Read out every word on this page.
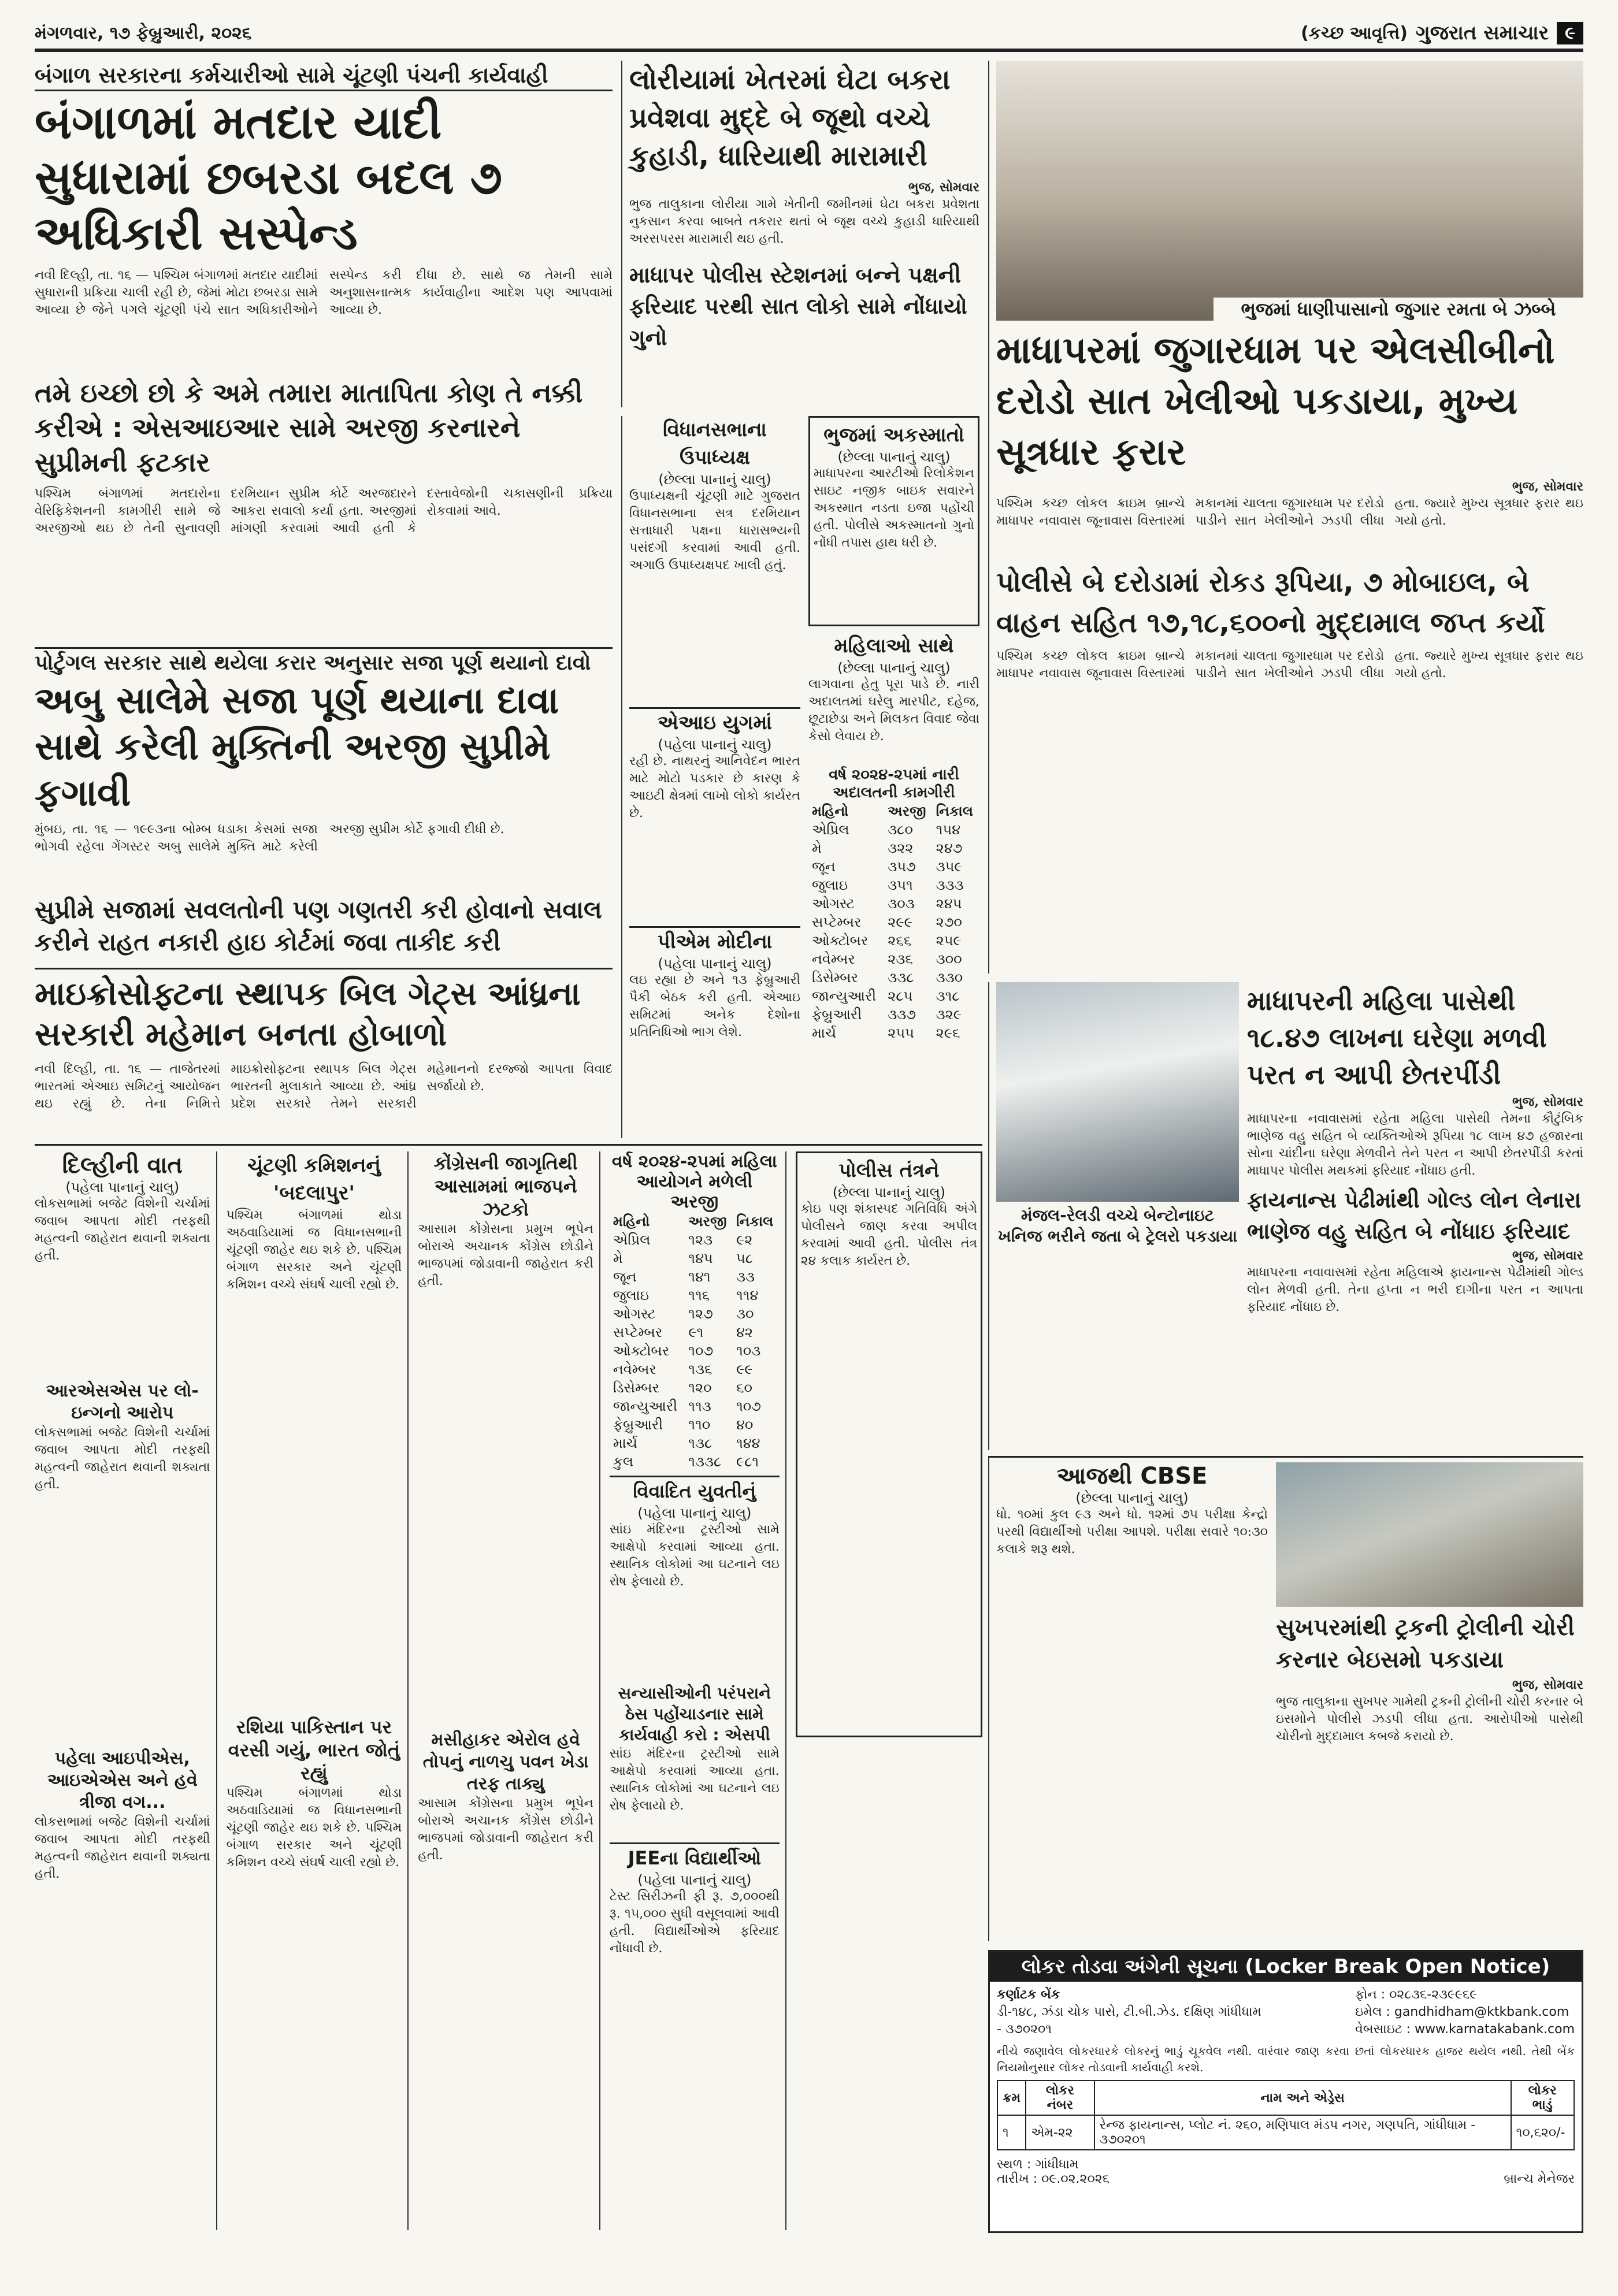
મંગળવાર, ૧૭ ફેબ્રુઆરી, ૨૦૨૬	(કચ્છ આવૃત્તિ) ગુજરાત સમાચાર ૯
બંગાળ સરકારના કર્મચારીઓ સામે ચૂંટણી પંચની કાર્યવાહી
બંગાળમાં મતદાર યાદી સુધારામાં છબરડા બદલ ૭ અધિકારી સસ્પેન્ડ
નવી દિલ્હી, તા. ૧૬ — પશ્ચિમ બંગાળમાં મતદાર યાદીમાં સુધારાની પ્રક્રિયા ચાલી રહી છે, જેમાં મોટા છબરડા સામે આવ્યા છે જેને પગલે ચૂંટણી પંચે સાત અધિકારીઓને સસ્પેન્ડ કરી દીધા છે. સાથે જ તેમની સામે અનુશાસનાત્મક કાર્યવાહીના આદેશ પણ આપવામાં આવ્યા છે.
તમે ઇચ્છો છો કે અમે તમારા માતાપિતા કોણ તે નક્કી કરીએ : એસઆઇઆર સામે અરજી કરનારને સુપ્રીમની ફટકાર
પશ્ચિમ બંગાળમાં મતદારોના વેરિફિકેશનની કામગીરી સામે જે અરજીઓ થઇ છે તેની સુનાવણી દરમિયાન સુપ્રીમ કોર્ટે અરજદારને આકરા સવાલો કર્યા હતા. અરજીમાં માંગણી કરવામાં આવી હતી કે દસ્તાવેજોની ચકાસણીની પ્રક્રિયા રોકવામાં આવે.
પોર્ટુગલ સરકાર સાથે થયેલા કરાર અનુસાર સજા પૂર્ણ થયાનો દાવો
અબુ સાલેમે સજા પૂર્ણ થયાના દાવા સાથે કરેલી મુક્તિની અરજી સુપ્રીમે ફગાવી
મુંબઇ, તા. ૧૬ — ૧૯૯૩ના બોમ્બ ધડાકા કેસમાં સજા ભોગવી રહેલા ગેંગસ્ટર અબુ સાલેમે મુક્તિ માટે કરેલી અરજી સુપ્રીમ કોર્ટે ફગાવી દીધી છે.
સુપ્રીમે સજામાં સવલતોની પણ ગણતરી કરી હોવાનો સવાલ કરીને રાહત નકારી હાઇ કોર્ટમાં જવા તાકીદ કરી
માઇક્રોસોફ્ટના સ્થાપક બિલ ગેટ્સ આંધ્રના સરકારી મહેમાન બનતા હોબાળો
નવી દિલ્હી, તા. ૧૬ — તાજેતરમાં ભારતમાં એઆઇ સમિટનું આયોજન થઇ રહ્યું છે. તેના નિમિત્તે માઇક્રોસોફ્ટના સ્થાપક બિલ ગેટ્સ ભારતની મુલાકાતે આવ્યા છે. આંધ્ર પ્રદેશ સરકારે તેમને સરકારી મહેમાનનો દરજ્જો આપતા વિવાદ સર્જાયો છે.
લોરીયામાં ખેતરમાં ઘેટા બકરા પ્રવેશવા મુદ્દે બે જૂથો વચ્ચે કુહાડી, ધારિયાથી મારામારી
ભુજ, સોમવાર
ભુજ તાલુકાના લોરીયા ગામે ખેતીની જમીનમાં ઘેટા બકરા પ્રવેશતા નુકસાન કરવા બાબતે તકરાર થતાં બે જૂથ વચ્ચે કુહાડી ધારિયાથી અરસપરસ મારામારી થઇ હતી.
માધાપર પોલીસ સ્ટેશનમાં બન્ને પક્ષની ફરિયાદ પરથી સાત લોકો સામે નોંધાયો ગુનો
વિધાનસભાના ઉપાધ્યક્ષ
(છેલ્લા પાનાનું ચાલુ)
ઉપાધ્યક્ષની ચૂંટણી માટે ગુજરાત વિધાનસભાના સત્ર દરમિયાન સત્તાધારી પક્ષના ધારાસભ્યની પસંદગી કરવામાં આવી હતી. અગાઉ ઉપાધ્યક્ષપદ ખાલી હતું.
એઆઇ યુગમાં
(પહેલા પાનાનું ચાલુ)
રહી છે. નાથરનું આનિવેદન ભારત માટે મોટો પડકાર છે કારણ કે આઇટી ક્ષેત્રમાં લાખો લોકો કાર્યરત છે.
પીએમ મોદીના
(પહેલા પાનાનું ચાલુ)
લઇ રહ્યા છે અને ૧૩ ફેબ્રુઆરી પૈકી બેઠક કરી હતી. એઆઇ સમિટમાં અનેક દેશોના પ્રતિનિધિઓ ભાગ લેશે.
ભુજમાં અકસ્માતો
(છેલ્લા પાનાનું ચાલુ)
માધાપરના આરટીઓ રિલોકેશન સાઇટ નજીક બાઇક સવારને અકસ્માત નડતા ઇજા પહોંચી હતી. પોલીસે અકસ્માતનો ગુનો નોંધી તપાસ હાથ ધરી છે.
મહિલાઓ સાથે
(છેલ્લા પાનાનું ચાલુ)
લાગવાના હેતુ પૂરા પાડે છે. નારી અદાલતમાં ઘરેલુ મારપીટ, દહેજ, છૂટાછેડા અને મિલકત વિવાદ જેવા કેસો લેવાય છે.
વર્ષ ૨૦૨૪-૨૫માં નારી અદાલતની કામગીરી
મહિનો	અરજી	નિકાલ
એપ્રિલ	૩૮૦	૧૫૪
મે	૩૨૨	૨૪૭
જૂન	૩૫૭	૩૫૯
જુલાઇ	૩૫૧	૩૩૩
ઓગસ્ટ	૩૦૩	૨૪૫
સપ્ટેમ્બર	૨૯૯	૨૭૦
ઓક્ટોબર	૨૬૬	૨૫૯
નવેમ્બર	૨૩૬	૩૦૦
ડિસેમ્બર	૩૩૮	૩૩૦
જાન્યુઆરી	૨૮૫	૩૧૮
ફેબ્રુઆરી	૩૩૭	૩૨૯
માર્ચ	૨૫૫	૨૯૬
ભુજમાં ધાણીપાસાનો જુગાર રમતા બે ઝબ્બે
માધાપરમાં જુગારધામ પર એલસીબીનો દરોડો સાત ખેલીઓ પકડાયા, મુખ્ય સૂત્રધાર ફરાર
ભુજ, સોમવાર
પશ્ચિમ કચ્છ લોકલ ક્રાઇમ બ્રાન્ચે માધાપર નવાવાસ જૂનાવાસ વિસ્તારમાં મકાનમાં ચાલતા જુગારધામ પર દરોડો પાડીને સાત ખેલીઓને ઝડપી લીધા હતા. જ્યારે મુખ્ય સૂત્રધાર ફરાર થઇ ગયો હતો.
પોલીસે બે દરોડામાં રોકડ રૂપિયા, ૭ મોબાઇલ, બે વાહન સહિત ૧૭,૧૮,૬૦૦નો મુદ્દામાલ જપ્ત કર્યો
પશ્ચિમ કચ્છ લોકલ ક્રાઇમ બ્રાન્ચે માધાપર નવાવાસ જૂનાવાસ વિસ્તારમાં મકાનમાં ચાલતા જુગારધામ પર દરોડો પાડીને સાત ખેલીઓને ઝડપી લીધા હતા. જ્યારે મુખ્ય સૂત્રધાર ફરાર થઇ ગયો હતો.
મંજલ-રેલડી વચ્ચે બેન્ટોનાઇટ ખનિજ ભરીને જતા બે ટ્રેલરો પકડાયા
માધાપરની મહિલા પાસેથી ૧૮.૪૭ લાખના ઘરેણા મળવી પરત ન આપી છેતરપીંડી
ભુજ, સોમવાર
માધાપરના નવાવાસમાં રહેતા મહિલા પાસેથી તેમના કૌટુંબિક ભાણેજ વહુ સહિત બે વ્યક્તિઓએ રૂપિયા ૧૮ લાખ ૪૭ હજારના સોના ચાંદીના ઘરેણા મેળવીને તેને પરત ન આપી છેતરપીંડી કરતાં માધાપર પોલીસ મથકમાં ફરિયાદ નોંધાઇ હતી.
ફાયનાન્સ પેઢીમાંથી ગોલ્ડ લોન લેનારા ભાણેજ વહુ સહિત બે નોંધાઇ ફરિયાદ
ભુજ, સોમવાર
માધાપરના નવાવાસમાં રહેતા મહિલાએ ફાયનાન્સ પેઢીમાંથી ગોલ્ડ લોન મેળવી હતી. તેના હપ્તા ન ભરી દાગીના પરત ન આપતા ફરિયાદ નોંધાઇ છે.
દિલ્હીની વાત
(પહેલા પાનાનું ચાલુ)
લોકસભામાં બજેટ વિશેની ચર્ચામાં જવાબ આપતા મોદી તરફથી મહત્વની જાહેરાત થવાની શક્યતા હતી.
આરએસએસ પર લો-ઇન્ગનો આરોપ
લોકસભામાં બજેટ વિશેની ચર્ચામાં જવાબ આપતા મોદી તરફથી મહત્વની જાહેરાત થવાની શક્યતા હતી.
પહેલા આઇપીએસ, આઇએએસ અને હવે ત્રીજા વગ...
લોકસભામાં બજેટ વિશેની ચર્ચામાં જવાબ આપતા મોદી તરફથી મહત્વની જાહેરાત થવાની શક્યતા હતી.
ચૂંટણી કમિશનનું 'બદલાપુર'
પશ્ચિમ બંગાળમાં થોડા અઠવાડિયામાં જ વિધાનસભાની ચૂંટણી જાહેર થઇ શકે છે. પશ્ચિમ બંગાળ સરકાર અને ચૂંટણી કમિશન વચ્ચે સંઘર્ષ ચાલી રહ્યો છે.
રશિયા પાકિસ્તાન પર વરસી ગયું, ભારત જોતું રહ્યું
પશ્ચિમ બંગાળમાં થોડા અઠવાડિયામાં જ વિધાનસભાની ચૂંટણી જાહેર થઇ શકે છે. પશ્ચિમ બંગાળ સરકાર અને ચૂંટણી કમિશન વચ્ચે સંઘર્ષ ચાલી રહ્યો છે.
કોંગ્રેસની જાગૃતિથી આસામમાં ભાજપને ઝટકો
આસામ કોંગ્રેસના પ્રમુખ ભૂપેન બોરાએ અચાનક કોંગ્રેસ છોડીને ભાજપમાં જોડાવાની જાહેરાત કરી હતી.
મસીહાકર એરોલ હવે તોપનું નાળચુ પવન ખેડા તરફ તાક્યુ
આસામ કોંગ્રેસના પ્રમુખ ભૂપેન બોરાએ અચાનક કોંગ્રેસ છોડીને ભાજપમાં જોડાવાની જાહેરાત કરી હતી.
વર્ષ ૨૦૨૪-૨૫માં મહિલા આયોગને મળેલી અરજી
મહિનો	અરજી	નિકાલ
એપ્રિલ	૧૨૩	૯૨
મે	૧૪૫	૫૮
જૂન	૧૪૧	૩૩
જુલાઇ	૧૧૬	૧૧૪
ઓગસ્ટ	૧૨૭	૩૦
સપ્ટેમ્બર	૯૧	૪૨
ઓક્ટોબર	૧૦૭	૧૦૩
નવેમ્બર	૧૩૬	૯૯
ડિસેમ્બર	૧૨૦	૬૦
જાન્યુઆરી	૧૧૩	૧૦૭
ફેબ્રુઆરી	૧૧૦	૪૦
માર્ચ	૧૩૮	૧૪૪
કુલ	૧૩૩૮	૯૮૧
વિવાદિત યુવતીનું
(પહેલા પાનાનું ચાલુ)
સાંઇ મંદિરના ટ્રસ્ટીઓ સામે આક્ષેપો કરવામાં આવ્યા હતા. સ્થાનિક લોકોમાં આ ઘટનાને લઇ રોષ ફેલાયો છે.
સન્યાસીઓની પરંપરાને ઠેસ પહોંચાડનાર સામે કાર્યવાહી કરો : એસપી
સાંઇ મંદિરના ટ્રસ્ટીઓ સામે આક્ષેપો કરવામાં આવ્યા હતા. સ્થાનિક લોકોમાં આ ઘટનાને લઇ રોષ ફેલાયો છે.
JEEના વિદ્યાર્થીઓ
(પહેલા પાનાનું ચાલુ)
ટેસ્ટ સિરીઝની ફી રૂ. ૭,૦૦૦થી રૂ. ૧૫,૦૦૦ સુધી વસૂલવામાં આવી હતી. વિદ્યાર્થીઓએ ફરિયાદ નોંધાવી છે.
પોલીસ તંત્રને
(છેલ્લા પાનાનું ચાલુ)
કોઇ પણ શંકાસ્પદ ગતિવિધિ અંગે પોલીસને જાણ કરવા અપીલ કરવામાં આવી હતી. પોલીસ તંત્ર ૨૪ કલાક કાર્યરત છે.
આજથી CBSE
(છેલ્લા પાનાનું ચાલુ)
ધો. ૧૦માં કુલ ૯૩ અને ધો. ૧૨માં ૭૫ પરીક્ષા કેન્દ્રો પરથી વિદ્યાર્થીઓ પરીક્ષા આપશે. પરીક્ષા સવારે ૧૦:૩૦ કલાકે શરૂ થશે.
સુખપરમાંથી ટ્રકની ટ્રોલીની ચોરી કરનાર બેઇસમો પકડાયા
ભુજ, સોમવાર
ભુજ તાલુકાના સુખપર ગામેથી ટ્રકની ટ્રોલીની ચોરી કરનાર બે ઇસમોને પોલીસે ઝડપી લીધા હતા. આરોપીઓ પાસેથી ચોરીનો મુદ્દામાલ કબજે કરાયો છે.
લોકર તોડવા અંગેની સૂચના (Locker Break Open Notice)
કર્ણાટક બેંક
ડી-૧૪૮, ઝંડા ચોક પાસે, ટી.બી.ઝેડ. દક્ષિણ ગાંધીધામ - ૩૭૦૨૦૧
ફોન : ૦૨૮૩૬-૨૩૯૯૬૯
ઇમેલ : gandhidham@ktkbank.com
વેબસાઇટ : www.karnatakabank.com
નીચે જણાવેલ લોકરધારકે લોકરનું ભાડું ચૂકવેલ નથી. વારંવાર જાણ કરવા છતાં લોકરધારક હાજર થયેલ નથી. તેથી બેંક નિયમોનુસાર લોકર તોડવાની કાર્યવાહી કરશે.
ક્રમ	લોકર નંબર	નામ અને એડ્રેસ	લોકર ભાડું
૧	એમ-૨૨	રેન્જ ફાયનાન્સ, પ્લોટ નં. ૨૬૦, મણિપાલ મંડપ નગર, ગણપતિ, ગાંધીધામ - ૩૭૦૨૦૧	૧૦,૬૨૦/-
સ્થળ : ગાંધીધામ
તારીખ : ૦૯.૦૨.૨૦૨૬	બ્રાન્ચ મેનેજર
